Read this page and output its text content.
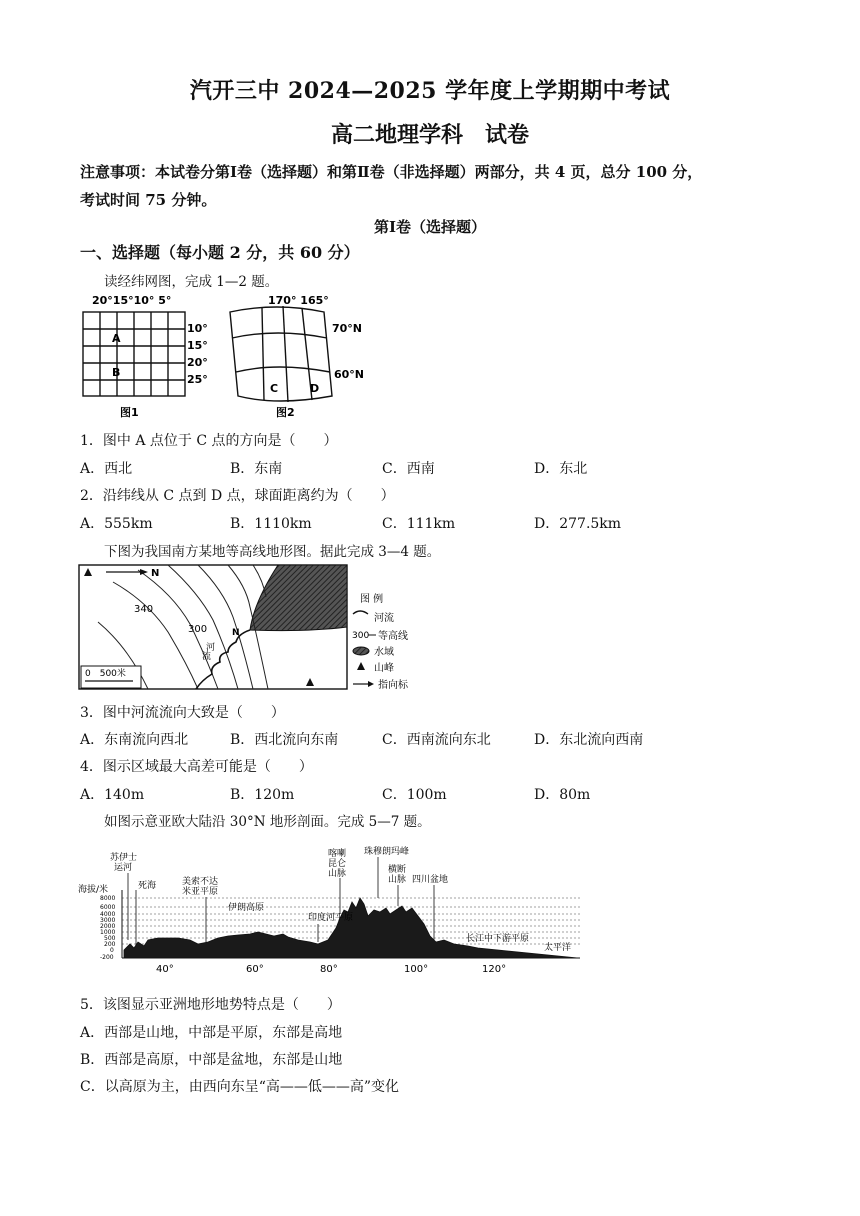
汽开三中 2024—2025 学年度上学期期中考试
高二地理学科　试卷
注意事项：本试卷分第Ⅰ卷（选择题）和第Ⅱ卷（非选择题）两部分，共 4 页，总分 100 分，
考试时间 75 分钟。
第Ⅰ卷（选择题）
一、选择题（每小题 2 分，共 60 分）
读经纬网图，完成 1—2 题。
20°15°10° 5°
10°
15°
20°
25°
A
B
图1
170° 165°
70°N
60°N
C	D
图2
1．图中 A 点位于 C 点的方向是（　　）
A．西北	B．东南	C．西南	D．东北
2．沿纬线从 C 点到 D 点，球面距离约为（　　）
A．555km	B．1110km	C．111km	D．277.5km
下图为我国南方某地等高线地形图。据此完成 3—4 题。
N
340
300
河
流
N
0　500米
图 例
河流
300 等高线
水域
山峰
指向标
3．图中河流流向大致是（　　）
A．东南流向西北	B．西北流向东南	C．西南流向东北	D．东北流向西南
4．图示区域最大高差可能是（　　）
A．140m	B．120m	C．100m	D．80m
如图示意亚欧大陆沿 30°N 地形剖面。完成 5—7 题。
海拔/米
8000
6000
4000
3000
2000
1000
500
200
0
-200
40°	60°	80°	100°	120°
苏伊士
运河
死海	美索不达
米亚平原
伊朗高原
印度河平原
喀喇
昆仑
山脉
珠穆朗玛峰
横断
山脉 四川盆地
长江中下游平原
太平洋
5．该图显示亚洲地形地势特点是（　　）
A．西部是山地，中部是平原，东部是高地
B．西部是高原，中部是盆地，东部是山地
C．以高原为主，由西向东呈“高——低——高”变化
